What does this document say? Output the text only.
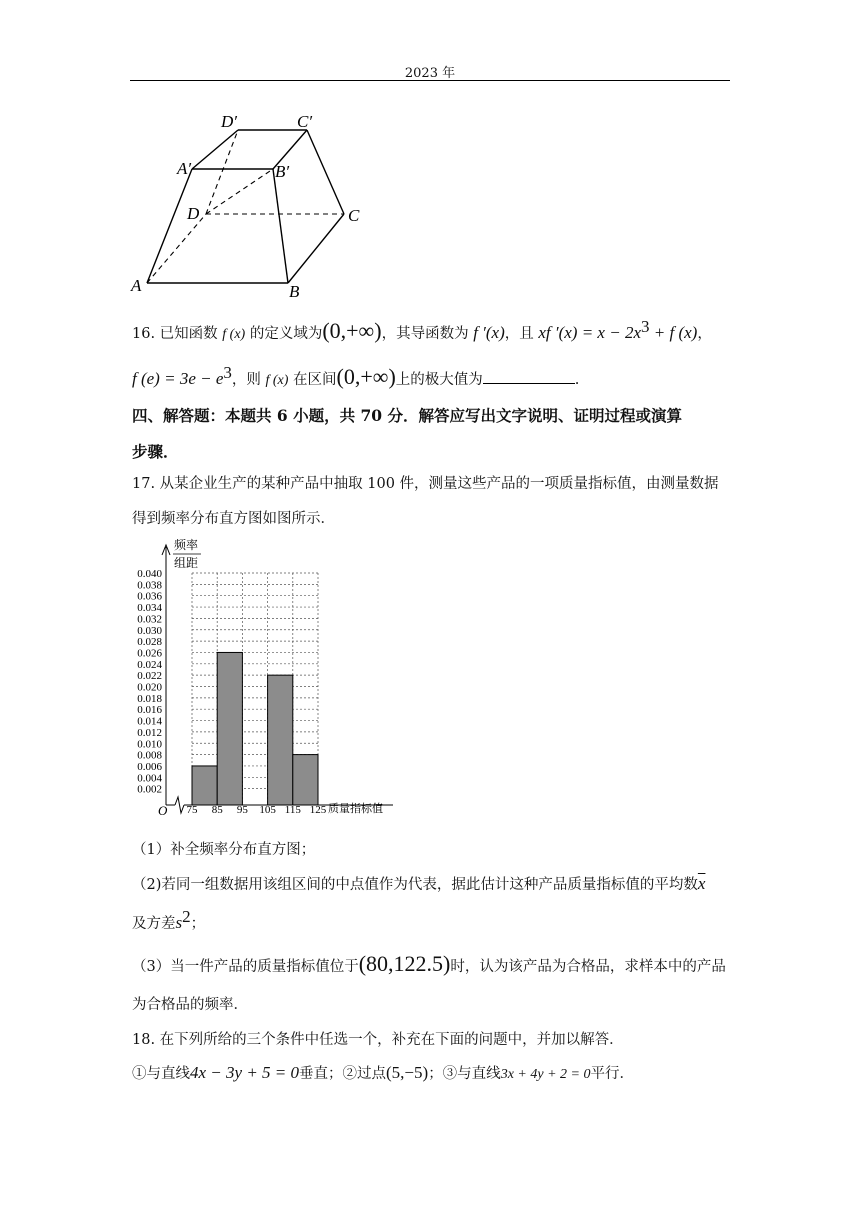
2023 年
D′	C′
A′	B′
D	C
A	B
16. 已知函数 f (x) 的定义域为(0,+∞)，其导函数为 f ′(x)，且 xf $'(x) = x - 2x^3 + f$ (x)，
f $(e) = 3e - e^3$，则 f (x) 在区间(0,+∞)上的极大值为	.
四、解答题：本题共 6 小题，共 70 分．解答应写出文字说明、证明过程或演算
步骤．
17. 从某企业生产的某种产品中抽取 100 件，测量这些产品的一项质量指标值，由测量数据
得到频率分布直方图如图所示．
频率
组距
0.040
0.038
0.036
0.034
0.032
0.030
0.028
0.026
0.024
0.022
0.020
0.018
0.016
0.014
0.012
0.010
0.008
0.006
0.004
0.002
75 85 95 105 115 125
O	质量指标值
（1）补全频率分布直方图；
（2)若同一组数据用该组区间的中点值作为代表，据此估计这种产品质量指标值的平均数$\overline{x}$
及方差$s^2$；
（3）当一件产品的质量指标值位于(80,122.5)时，认为该产品为合格品，求样本中的产品
为合格品的频率．
18. 在下列所给的三个条件中任选一个，补充在下面的问题中，并加以解答．
①与直线4x − 3y + 5 = 0垂直；②过点(5,−5)；③与直线3x + 4y + 2 = 0平行．
